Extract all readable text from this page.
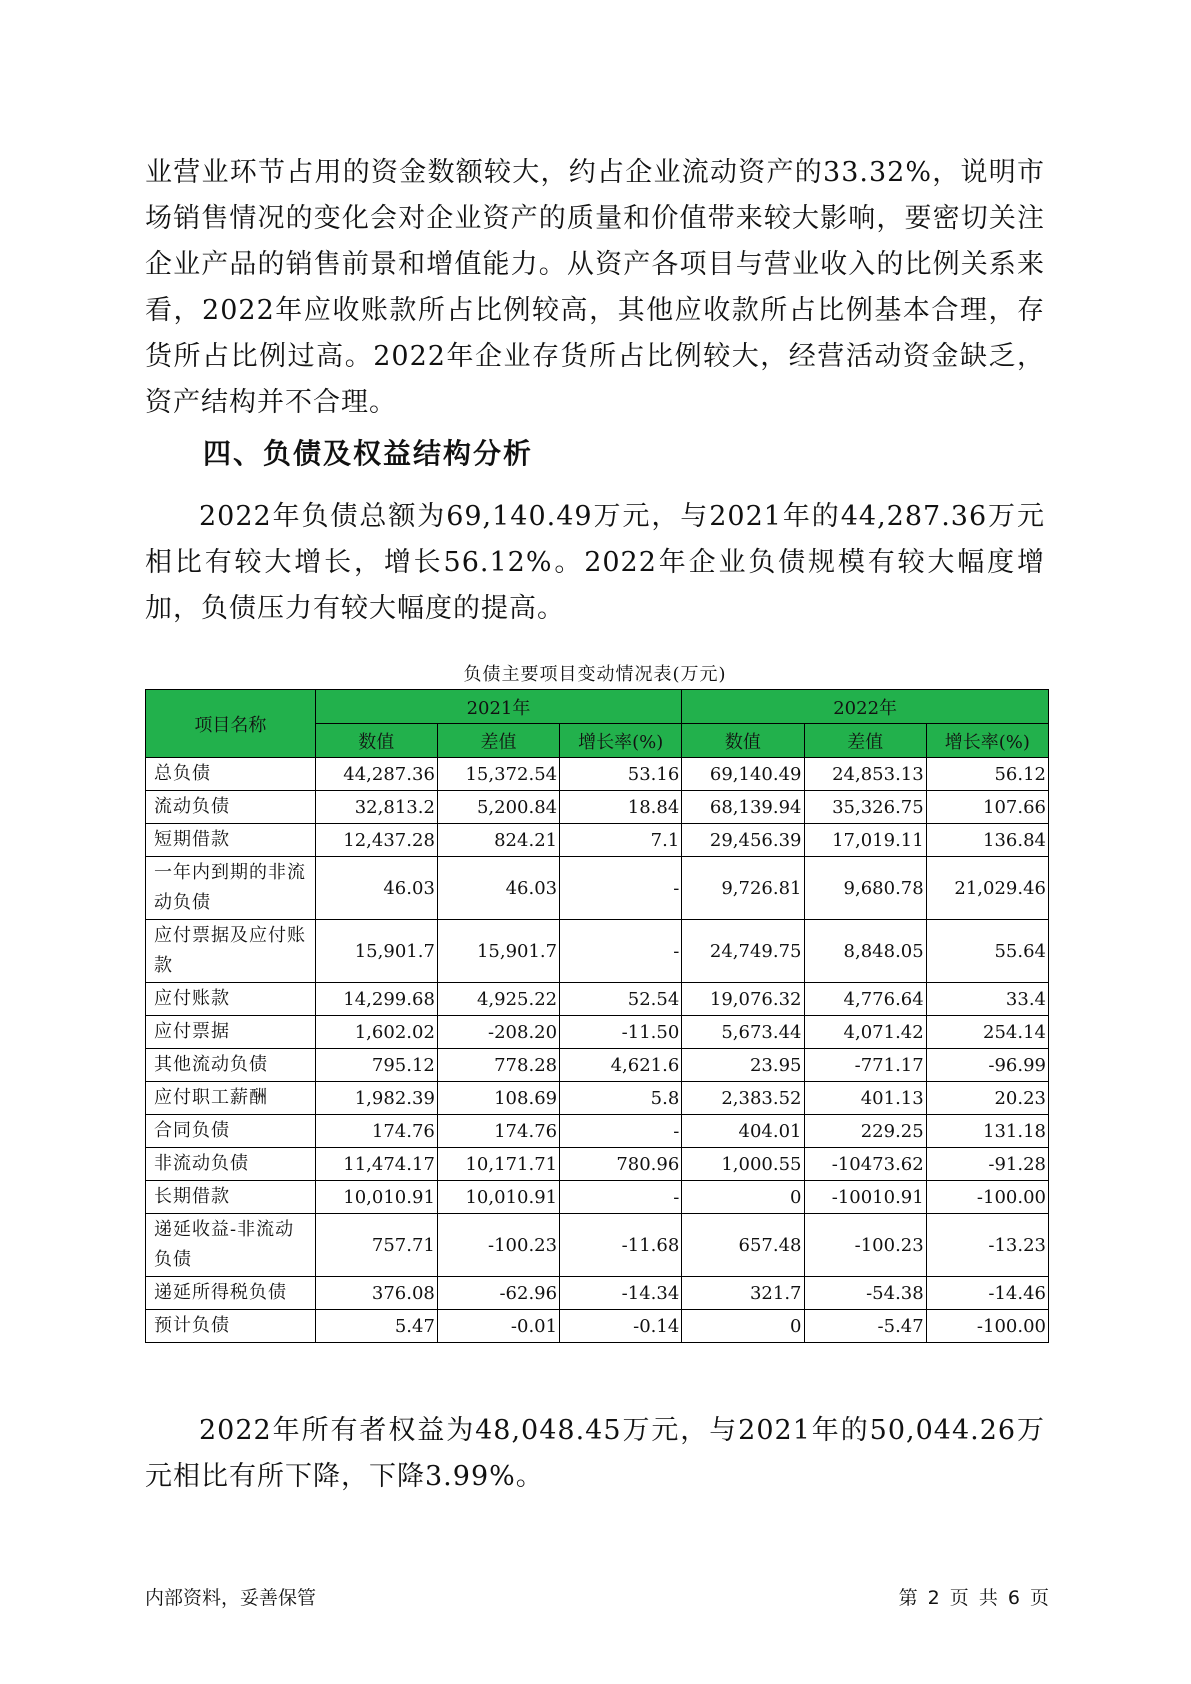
业营业环节占用的资金数额较大，约占企业流动资产的33.32%，说明市场销售情况的变化会对企业资产的质量和价值带来较大影响，要密切关注企业产品的销售前景和增值能力。从资产各项目与营业收入的比例关系来看，2022年应收账款所占比例较高，其他应收款所占比例基本合理，存货所占比例过高。2022年企业存货所占比例较大，经营活动资金缺乏，资产结构并不合理。

四、负债及权益结构分析

2022年负债总额为69,140.49万元，与2021年的44,287.36万元相比有较大增长，增长56.12%。2022年企业负债规模有较大幅度增加，负债压力有较大幅度的提高。

负债主要项目变动情况表(万元)
项目名称	2021年			2022年		
	数值	差值	增长率(%)	数值	差值	增长率(%)
总负债	44,287.36	15,372.54	53.16	69,140.49	24,853.13	56.12
流动负债	32,813.2	5,200.84	18.84	68,139.94	35,326.75	107.66
短期借款	12,437.28	824.21	7.1	29,456.39	17,019.11	136.84
一年内到期的非流动负债	46.03	46.03	-	9,726.81	9,680.78	21,029.46
应付票据及应付账款	15,901.7	15,901.7	-	24,749.75	8,848.05	55.64
应付账款	14,299.68	4,925.22	52.54	19,076.32	4,776.64	33.4
应付票据	1,602.02	-208.20	-11.50	5,673.44	4,071.42	254.14
其他流动负债	795.12	778.28	4,621.6	23.95	-771.17	-96.99
应付职工薪酬	1,982.39	108.69	5.8	2,383.52	401.13	20.23
合同负债	174.76	174.76	-	404.01	229.25	131.18
非流动负债	11,474.17	10,171.71	780.96	1,000.55	-10473.62	-91.28
长期借款	10,010.91	10,010.91	-	0	-10010.91	-100.00
递延收益-非流动负债	757.71	-100.23	-11.68	657.48	-100.23	-13.23
递延所得税负债	376.08	-62.96	-14.34	321.7	-54.38	-14.46
预计负债	5.47	-0.01	-0.14	0	-5.47	-100.00

2022年所有者权益为48,048.45万元，与2021年的50,044.26万元相比有所下降，下降3.99%。

内部资料，妥善保管	第 2 页 共 6 页
